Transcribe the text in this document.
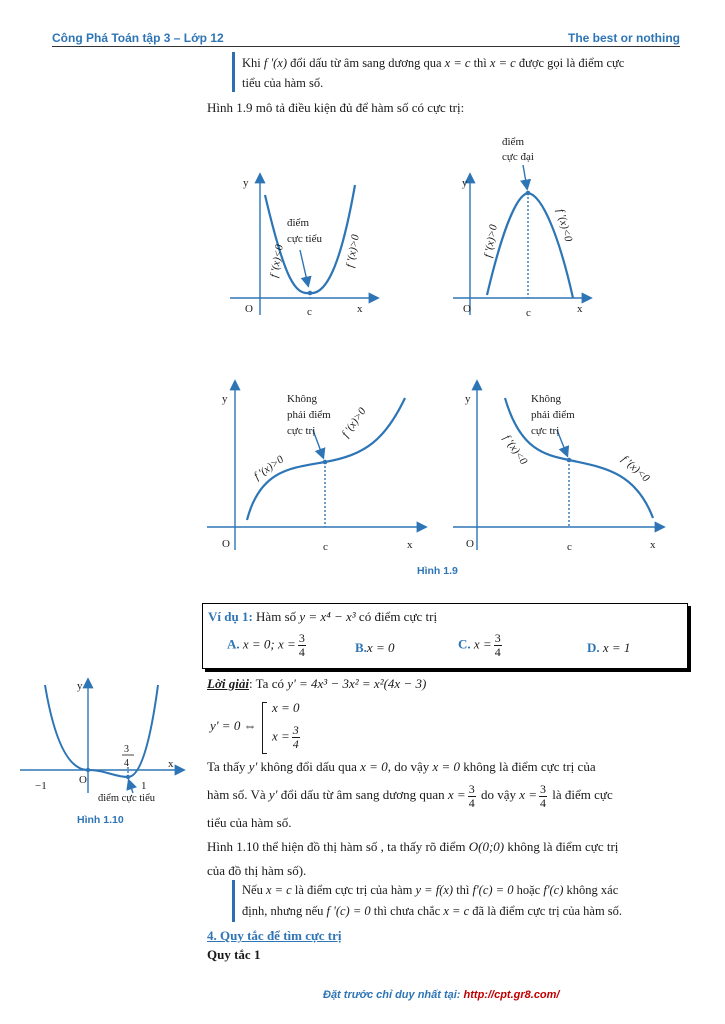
Công Phá Toán tập 3 – Lớp 12	The best or nothing
Khi f '(x) đổi dấu từ âm sang dương qua x = c thì x = c được gọi là điểm cực
tiểu của hàm số.
Hình 1.9 mô tả điều kiện đủ để hàm số có cực trị:
y
x
O	c
điểm
cực tiểu
f '(x)<0	f '(x)>0
y
x
O	c
điểm
cực đại
f '(x)>0	f '(x)<0
y
x
O	c
Không
phải điểm
cực trị
f '(x)>0
f '(x)>0
y
x
O	c
Không
phải điểm
cực trị
f '(x)<0
f '(x)<0
Hình 1.9
Ví dụ 1: Hàm số y = x⁴ − x³ có điểm cực trị
A. x = 0; $x = \frac{3}{4}$	B.x = 0	C. $x = \frac{3}{4}$	D. x = 1
Lời giải: Ta có y' = 4x³ − 3x² = x²(4x − 3)
y' = 0 ⇔
x = 0
$x = \frac{3}{4}$
Ta thấy y' không đổi dấu qua x = 0, do vậy x = 0 không là điểm cực trị của
hàm số. Và y' đổi dấu từ âm sang dương quan $x = \frac{3}{4}$ do vậy $x = \frac{3}{4}$ là điểm cực
tiểu của hàm số.
Hình 1.10 thể hiện đồ thị hàm số , ta thấy rõ điểm O(0;0) không là điểm cực trị
của đồ thị hàm số).
Nếu x = c là điểm cực trị của hàm y = f(x) thì f'(c) = 0 hoặc f'(c) không xác
định, nhưng nếu f '(c) = 0 thì chưa chắc x = c đã là điểm cực trị của hàm số.
4. Quy tắc để tìm cực trị
Quy tắc 1
y
x
O
−1	1
3
4
điểm cực tiểu
Hình 1.10
Đặt trước chỉ duy nhất tại: http://cpt.gr8.com/
